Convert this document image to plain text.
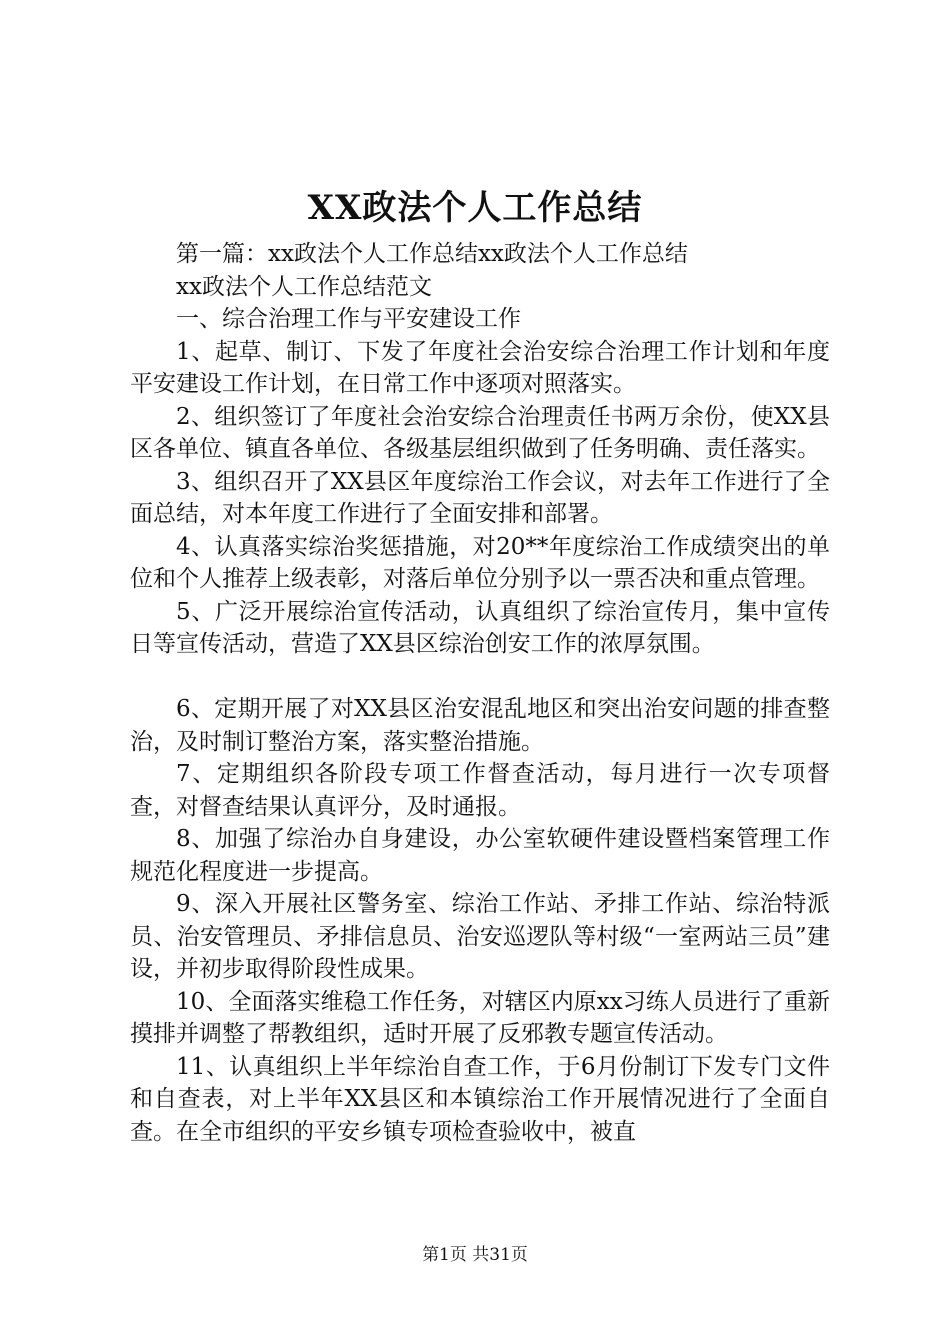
XX政法个人工作总结

第一篇：xx政法个人工作总结xx政法个人工作总结

xx政法个人工作总结范文

一、综合治理工作与平安建设工作

1、起草、制订、下发了年度社会治安综合治理工作计划和年度平安建设工作计划，在日常工作中逐项对照落实。

2、组织签订了年度社会治安综合治理责任书两万余份，使XX县区各单位、镇直各单位、各级基层组织做到了任务明确、责任落实。

3、组织召开了XX县区年度综治工作会议，对去年工作进行了全面总结，对本年度工作进行了全面安排和部署。

4、认真落实综治奖惩措施，对20**年度综治工作成绩突出的单位和个人推荐上级表彰，对落后单位分别予以一票否决和重点管理。

5、广泛开展综治宣传活动，认真组织了综治宣传月，集中宣传日等宣传活动，营造了XX县区综治创安工作的浓厚氛围。

6、定期开展了对XX县区治安混乱地区和突出治安问题的排查整治，及时制订整治方案，落实整治措施。

7、定期组织各阶段专项工作督查活动，每月进行一次专项督查，对督查结果认真评分，及时通报。

8、加强了综治办自身建设，办公室软硬件建设暨档案管理工作规范化程度进一步提高。

9、深入开展社区警务室、综治工作站、矛排工作站、综治特派员、治安管理员、矛排信息员、治安巡逻队等村级“一室两站三员”建设，并初步取得阶段性成果。

10、全面落实维稳工作任务，对辖区内原xx习练人员进行了重新摸排并调整了帮教组织，适时开展了反邪教专题宣传活动。

11、认真组织上半年综治自查工作，于6月份制订下发专门文件和自查表，对上半年XX县区和本镇综治工作开展情况进行了全面自查。在全市组织的平安乡镇专项检查验收中，被直

第1页 共31页
